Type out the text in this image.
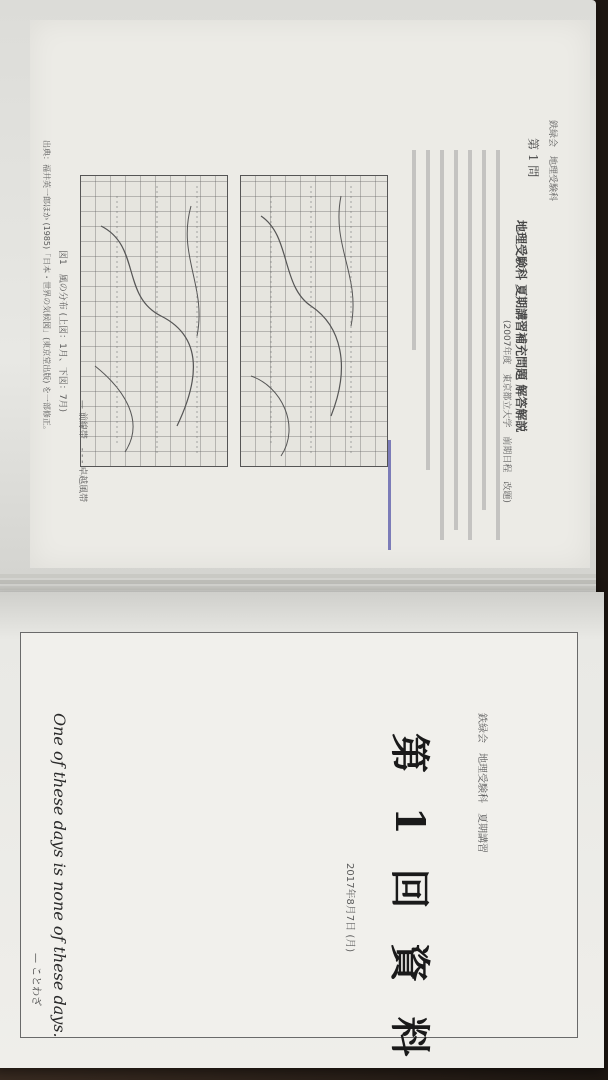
鉄緑会　地理受験科
第 1 問
地理受験科 夏期講習補充問題 解答解説
(2007年度　東京都立大学　前期日程　改題)
図1　風の分布 (上図：1月、下図：7月)
— 前線帯　- - - 卓越風帯
出典：福井英一郎ほか (1985)「日本・世界の気候図」(東京堂出版) を一部修正。
鉄緑会　地理受験科　夏期講習
第 1 回 資 料
2017年8月7日 (月)
One of these days is none of these days.
— ことわざ
